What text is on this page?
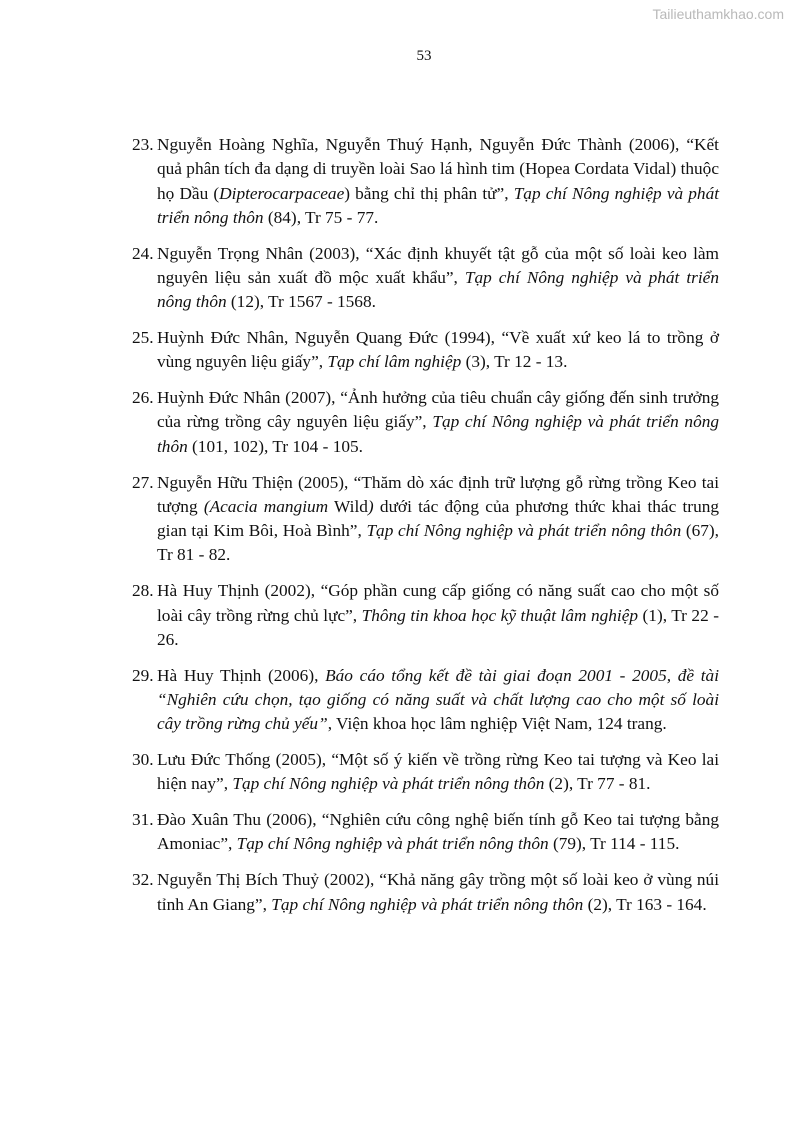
Tailieuthamkhao.com
53
23. Nguyễn Hoàng Nghĩa, Nguyễn Thuý Hạnh, Nguyễn Đức Thành (2006), “Kết quả phân tích đa dạng di truyền loài Sao lá hình tim (Hopea Cordata Vidal) thuộc họ Dầu (Dipterocarpaceae) bằng chỉ thị phân tử”, Tạp chí Nông nghiệp và phát triển nông thôn (84), Tr 75 - 77.
24. Nguyễn Trọng Nhân (2003), “Xác định khuyết tật gỗ của một số loài keo làm nguyên liệu sản xuất đồ mộc xuất khẩu”, Tạp chí Nông nghiệp và phát triển nông thôn (12), Tr 1567 - 1568.
25. Huỳnh Đức Nhân, Nguyễn Quang Đức (1994), “Về xuất xứ keo lá to trồng ở vùng nguyên liệu giấy”, Tạp chí lâm nghiệp (3), Tr 12 - 13.
26. Huỳnh Đức Nhân (2007), “Ảnh hưởng của tiêu chuẩn cây giống đến sinh trưởng của rừng trồng cây nguyên liệu giấy”, Tạp chí Nông nghiệp và phát triển nông thôn (101, 102), Tr 104 - 105.
27. Nguyễn Hữu Thiện (2005), “Thăm dò xác định trữ lượng gỗ rừng trồng Keo tai tượng (Acacia mangium Wild) dưới tác động của phương thức khai thác trung gian tại Kim Bôi, Hoà Bình”, Tạp chí Nông nghiệp và phát triển nông thôn (67), Tr 81 - 82.
28. Hà Huy Thịnh (2002), “Góp phần cung cấp giống có năng suất cao cho một số loài cây trồng rừng chủ lực”, Thông tin khoa học kỹ thuật lâm nghiệp (1), Tr 22 - 26.
29. Hà Huy Thịnh (2006), Báo cáo tổng kết đề tài giai đoạn 2001 - 2005, đề tài “Nghiên cứu chọn, tạo giống có năng suất và chất lượng cao cho một số loài cây trồng rừng chủ yếu”, Viện khoa học lâm nghiệp Việt Nam, 124 trang.
30. Lưu Đức Thống (2005), “Một số ý kiến về trồng rừng Keo tai tượng và Keo lai hiện nay”, Tạp chí Nông nghiệp và phát triển nông thôn (2), Tr 77 - 81.
31. Đào Xuân Thu (2006), “Nghiên cứu công nghệ biến tính gỗ Keo tai tượng bằng Amoniac”, Tạp chí Nông nghiệp và phát triển nông thôn (79), Tr 114 - 115.
32. Nguyễn Thị Bích Thuỷ (2002), “Khả năng gây trồng một số loài keo ở vùng núi tỉnh An Giang”, Tạp chí Nông nghiệp và phát triển nông thôn (2), Tr 163 - 164.
